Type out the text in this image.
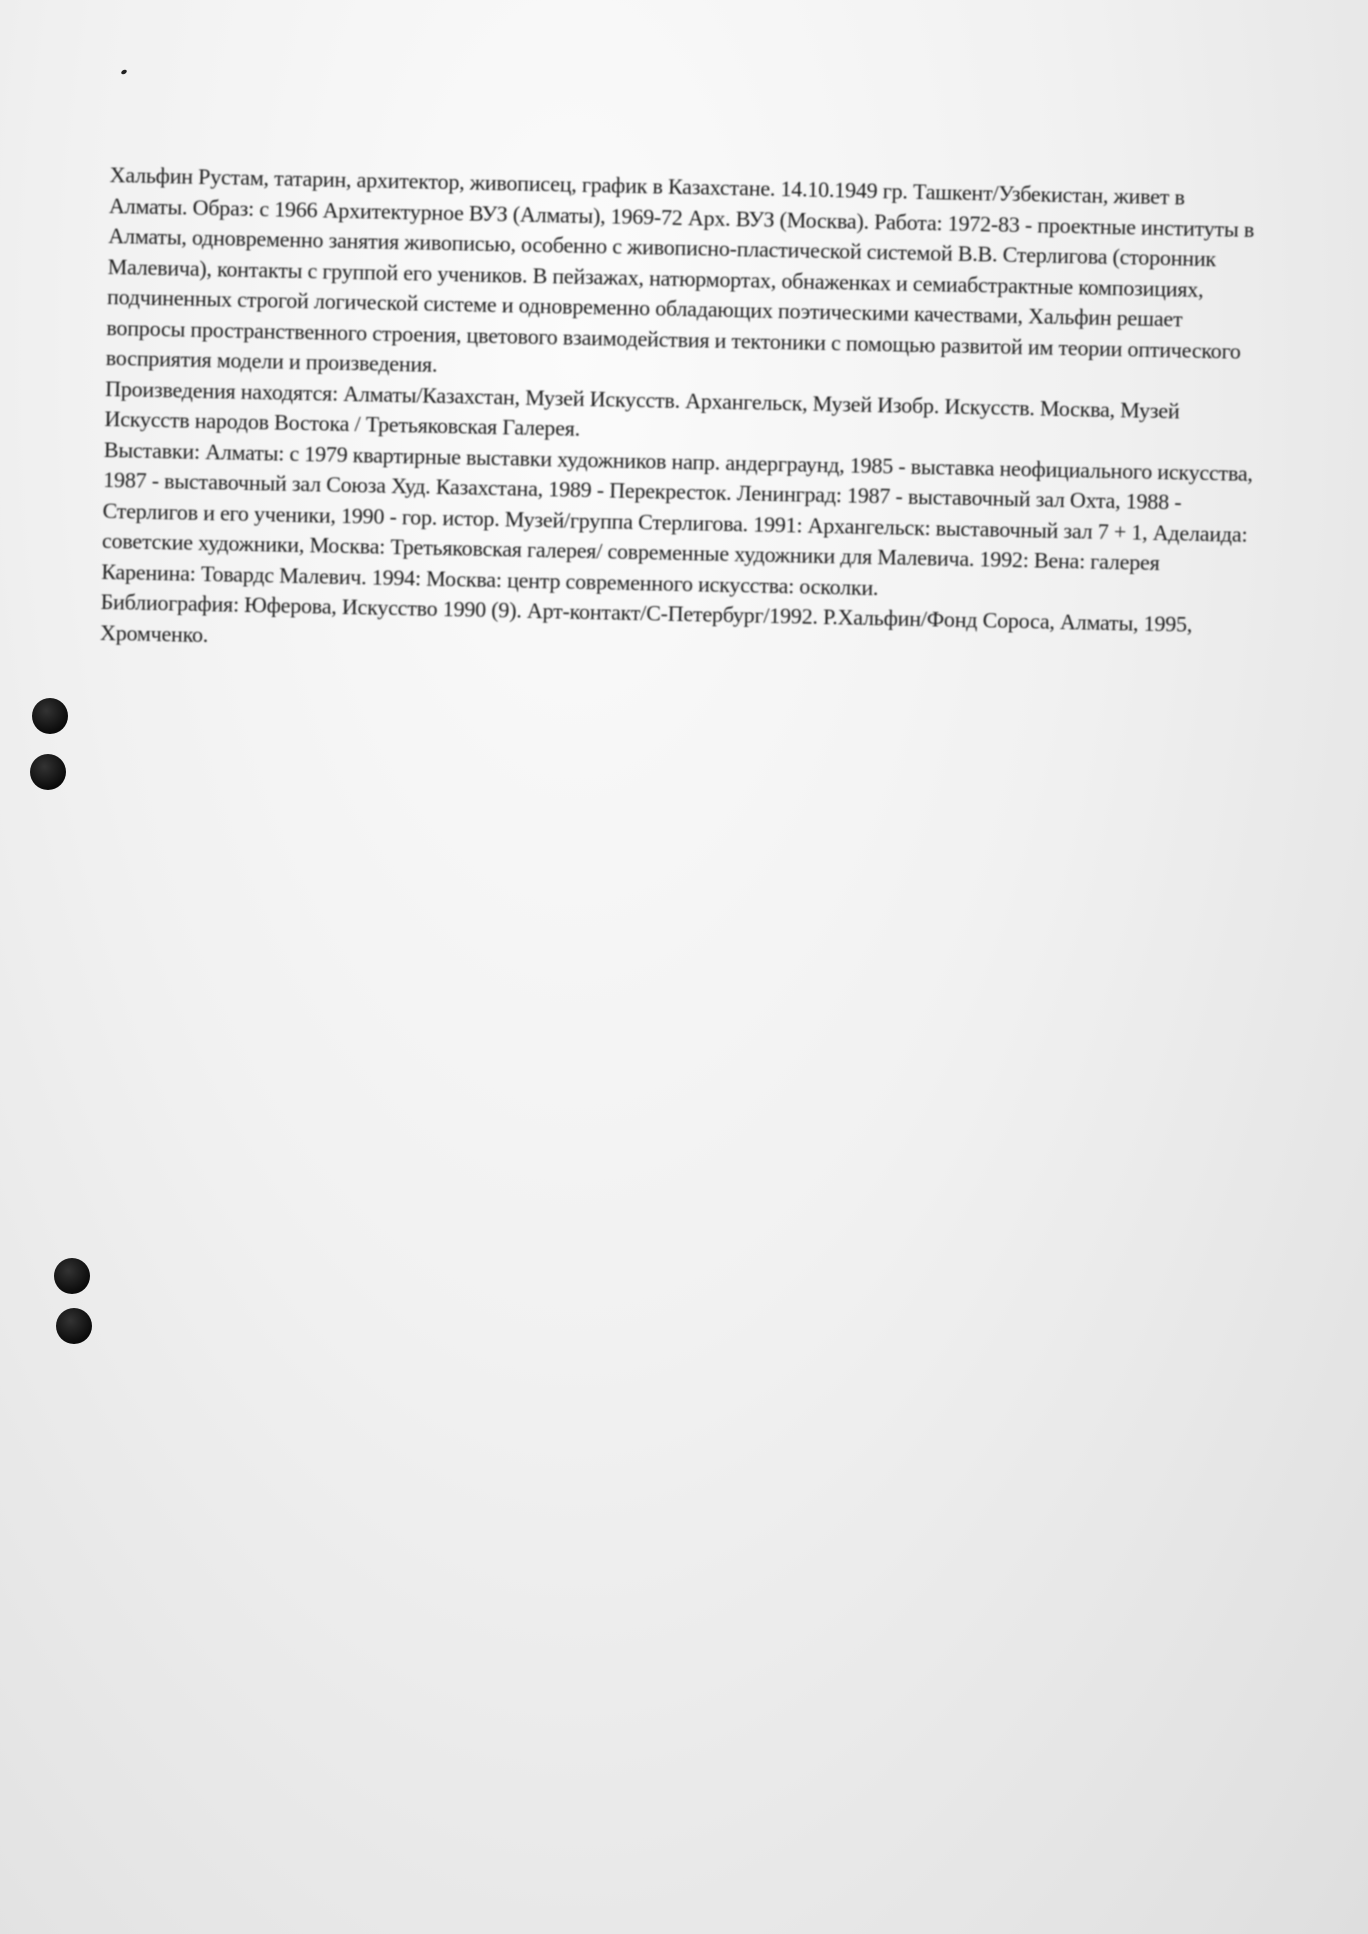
Хальфин Рустам, татарин, архитектор, живописец, график в Казахстане. 14.10.1949 гр. Ташкент/Узбекистан, живет в Алматы. Образ: с 1966 Архитектурное ВУЗ (Алматы), 1969-72 Арх. ВУЗ (Москва). Работа: 1972-83 - проектные институты в Алматы, одновременно занятия живописью, особенно с живописно-пластической системой В.В. Стерлигова (сторонник Малевича), контакты с группой его учеников. В пейзажах, натюрмортах, обнаженках и семиабстрактные композициях, подчиненных строгой логической системе и одновременно обладающих поэтическими качествами, Хальфин решает вопросы пространственного строения, цветового взаимодействия и тектоники с помощью развитой им теории оптического восприятия модели и произведения.

Произведения находятся: Алматы/Казахстан, Музей Искусств. Архангельск, Музей Изобр. Искусств. Москва, Музей Искусств народов Востока / Третьяковская Галерея.

Выставки: Алматы: с 1979 квартирные выставки художников напр. андерграунд, 1985 - выставка неофициального искусства, 1987 - выставочный зал Союза Худ. Казахстана, 1989 - Перекресток. Ленинград: 1987 - выставочный зал Охта, 1988 - Стерлигов и его ученики, 1990 - гор. истор. Музей/группа Стерлигова. 1991: Архангельск: выставочный зал 7 + 1, Аделаида: советские художники, Москва: Третьяковская галерея/ современные художники для Малевича. 1992: Вена: галерея Каренина: Товардс Малевич. 1994: Москва: центр современного искусства: осколки.

Библиография: Юферова, Искусство 1990 (9). Арт-контакт/С-Петербург/1992. Р.Хальфин/Фонд Сороса, Алматы, 1995, Хромченко.
